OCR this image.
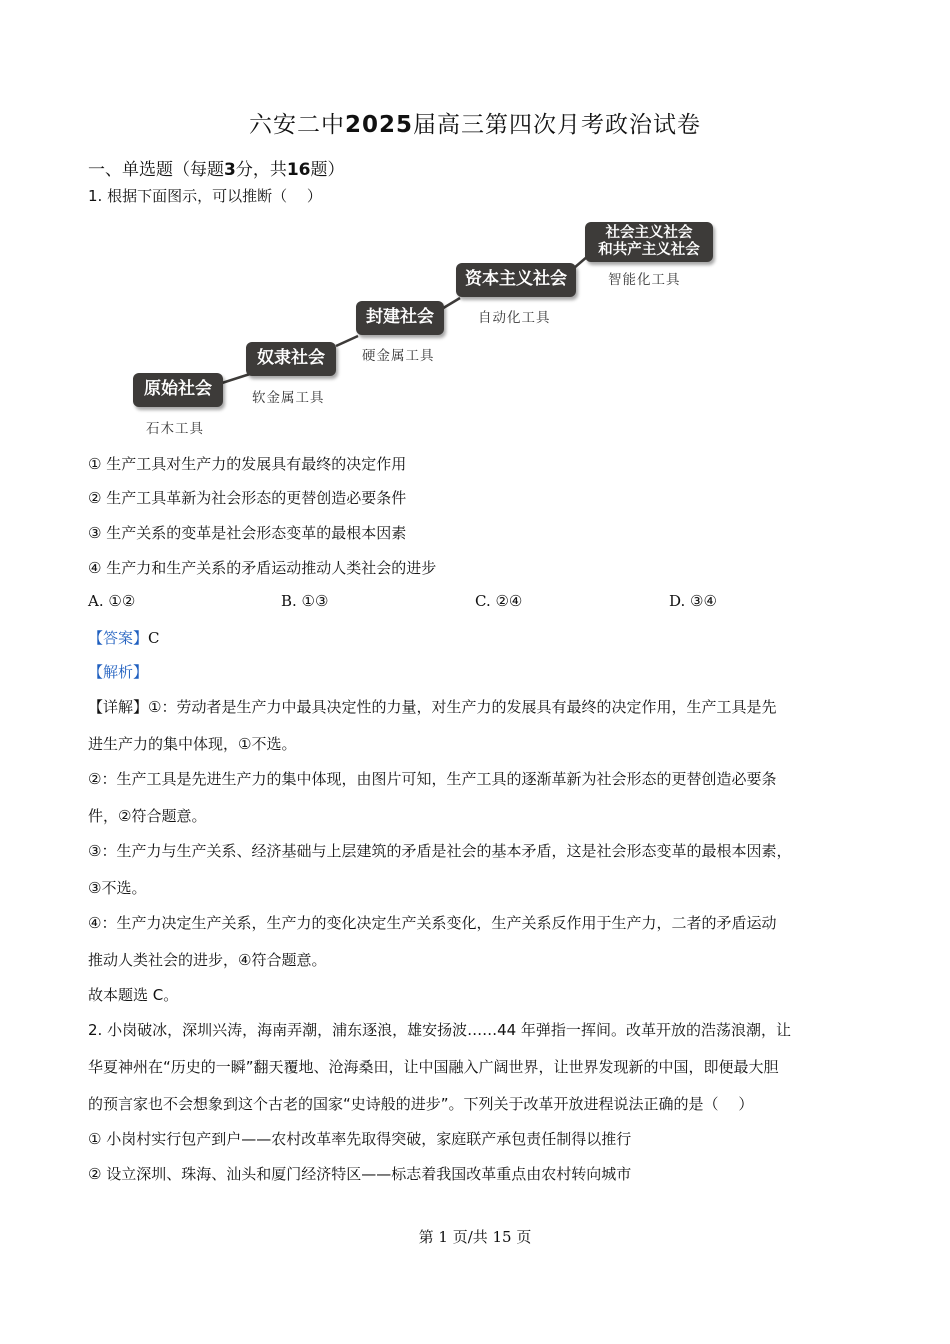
六安二中2025届高三第四次月考政治试卷
一、单选题（每题3分，共16题）
1. 根据下面图示，可以推断（　 ）
原始社会
石木工具
奴隶社会
软金属工具
封建社会
硬金属工具
资本主义社会
自动化工具
社会主义社会
和共产主义社会
智能化工具
① 生产工具对生产力的发展具有最终的决定作用
② 生产工具革新为社会形态的更替创造必要条件
③ 生产关系的变革是社会形态变革的最根本因素
④ 生产力和生产关系的矛盾运动推动人类社会的进步
A. ①②	B. ①③	C. ②④	D. ③④
【答案】C
【解析】
【详解】①：劳动者是生产力中最具决定性的力量，对生产力的发展具有最终的决定作用，生产工具是先
进生产力的集中体现，①不选。
②：生产工具是先进生产力的集中体现，由图片可知，生产工具的逐渐革新为社会形态的更替创造必要条
件，②符合题意。
③：生产力与生产关系、经济基础与上层建筑的矛盾是社会的基本矛盾，这是社会形态变革的最根本因素，
③不选。
④：生产力决定生产关系，生产力的变化决定生产关系变化，生产关系反作用于生产力，二者的矛盾运动
推动人类社会的进步，④符合题意。
故本题选 C。
2. 小岗破冰，深圳兴涛，海南弄潮，浦东逐浪，雄安扬波……44 年弹指一挥间。改革开放的浩荡浪潮，让
华夏神州在“历史的一瞬”翻天覆地、沧海桑田，让中国融入广阔世界，让世界发现新的中国，即便最大胆
的预言家也不会想象到这个古老的国家“史诗般的进步”。下列关于改革开放进程说法正确的是（　 ）
① 小岗村实行包产到户——农村改革率先取得突破，家庭联产承包责任制得以推行
② 设立深圳、珠海、汕头和厦门经济特区——标志着我国改革重点由农村转向城市
第 1 页/共 15 页
